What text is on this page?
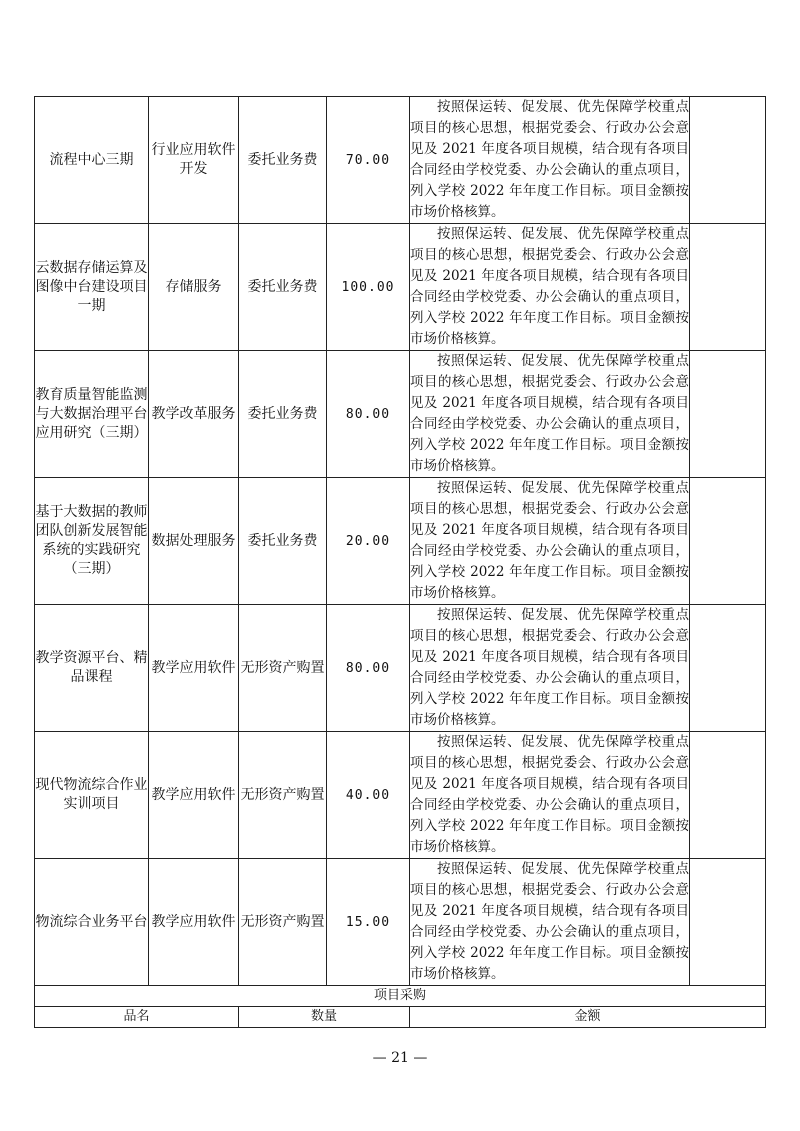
流程中心三期	行业应用软件开发	委托业务费	70.00	按照保运转、促发展、优先保障学校重点项目的核心思想，根据党委会、行政办公会意见及 2021 年度各项目规模，结合现有各项目合同经由学校党委、办公会确认的重点项目，列入学校 2022 年年度工作目标。项目金额按市场价格核算。	

云数据存储运算及图像中台建设项目一期	存储服务	委托业务费	100.00	按照保运转、促发展、优先保障学校重点项目的核心思想，根据党委会、行政办公会意见及 2021 年度各项目规模，结合现有各项目合同经由学校党委、办公会确认的重点项目，列入学校 2022 年年度工作目标。项目金额按市场价格核算。	

教育质量智能监测与大数据治理平台应用研究（三期）	教学改革服务	委托业务费	80.00	按照保运转、促发展、优先保障学校重点项目的核心思想，根据党委会、行政办公会意见及 2021 年度各项目规模，结合现有各项目合同经由学校党委、办公会确认的重点项目，列入学校 2022 年年度工作目标。项目金额按市场价格核算。	

基于大数据的教师团队创新发展智能系统的实践研究（三期）	数据处理服务	委托业务费	20.00	按照保运转、促发展、优先保障学校重点项目的核心思想，根据党委会、行政办公会意见及 2021 年度各项目规模，结合现有各项目合同经由学校党委、办公会确认的重点项目，列入学校 2022 年年度工作目标。项目金额按市场价格核算。	

教学资源平台、精品课程	教学应用软件	无形资产购置	80.00	按照保运转、促发展、优先保障学校重点项目的核心思想，根据党委会、行政办公会意见及 2021 年度各项目规模，结合现有各项目合同经由学校党委、办公会确认的重点项目，列入学校 2022 年年度工作目标。项目金额按市场价格核算。	

现代物流综合作业实训项目	教学应用软件	无形资产购置	40.00	按照保运转、促发展、优先保障学校重点项目的核心思想，根据党委会、行政办公会意见及 2021 年度各项目规模，结合现有各项目合同经由学校党委、办公会确认的重点项目，列入学校 2022 年年度工作目标。项目金额按市场价格核算。	

物流综合业务平台	教学应用软件	无形资产购置	15.00	按照保运转、促发展、优先保障学校重点项目的核心思想，根据党委会、行政办公会意见及 2021 年度各项目规模，结合现有各项目合同经由学校党委、办公会确认的重点项目，列入学校 2022 年年度工作目标。项目金额按市场价格核算。	

项目采购					
品名		数量		金额	
— 21 —
